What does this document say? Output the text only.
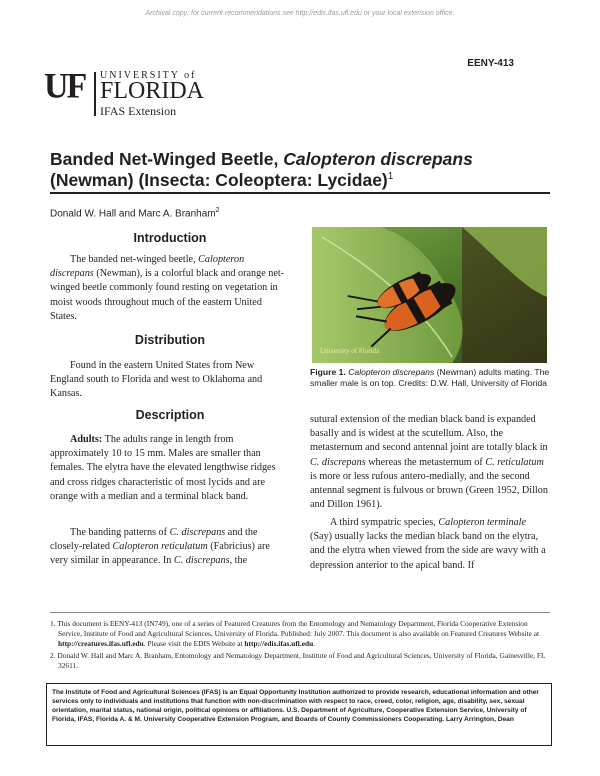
Archival copy: for current recommendations see http://edis.ifas.ufl.edu or your local extension office.
EENY-413
UF UNIVERSITY of
FLORIDA
IFAS Extension
Banded Net-Winged Beetle, Calopteron discrepans
(Newman) (Insecta: Coleoptera: Lycidae)$^1$
Donald W. Hall and Marc A. Branham$^2$
Introduction

The banded net-winged beetle, Calopteron discrepans (Newman), is a colorful black and orange net-winged beetle commonly found resting on vegetation in moist woods throughout much of the eastern United States.

Distribution

Found in the eastern United States from New England south to Florida and west to Oklahoma and Kansas.

Description

Adults: The adults range in length from approximately 10 to 15 mm. Males are smaller than females. The elytra have the elevated lengthwise ridges and cross ridges characteristic of most lycids and are orange with a median and a terminal black band.

The banding patterns of C. discrepans and the closely-related Calopteron reticulatum (Fabricius) are very similar in appearance. In C. discrepans, the

University of Florida
Figure 1. Calopteron discrepans (Newman) adults mating. The smaller male is on top. Credits: D.W. Hall, University of Florida

sutural extension of the median black band is expanded basally and is widest at the scutellum. Also, the metasternum and second antennal joint are totally black in C. discrepans whereas the metasternum of C. reticulatum is more or less rufous antero-medially, and the second antennal segment is fulvous or brown (Green 1952, Dillon and Dillon 1961).

A third sympatric species, Calopteron terminale (Say) usually lacks the median black band on the elytra, and the elytra when viewed from the side are wavy with a depression anterior to the apical band. If

1. This document is EENY-413 (IN749), one of a series of Featured Creatures from the Entomology and Nematology Department, Florida Cooperative Extension Service, Institute of Food and Agricultural Sciences, University of Florida. Published: July 2007. This document is also available on Featured Creatures Website at http://creatures.ifas.ufl.edu. Please visit the EDIS Website at http://edis.ifas.ufl.edu.
2. Donald W. Hall and Marc A. Branham, Entomology and Nematology Department, Institute of Food and Agricultural Sciences, University of Florida, Gainesville, FL 32611.
The Institute of Food and Agricultural Sciences (IFAS) is an Equal Opportunity Institution authorized to provide research, educational information and other services only to individuals and institutions that function with non-discrimination with respect to race, creed, color, religion, age, disability, sex, sexual orientation, marital status, national origin, political opinions or affiliations. U.S. Department of Agriculture, Cooperative Extension Service, University of Florida, IFAS, Florida A. & M. University Cooperative Extension Program, and Boards of County Commissioners Cooperating. Larry Arrington, Dean
